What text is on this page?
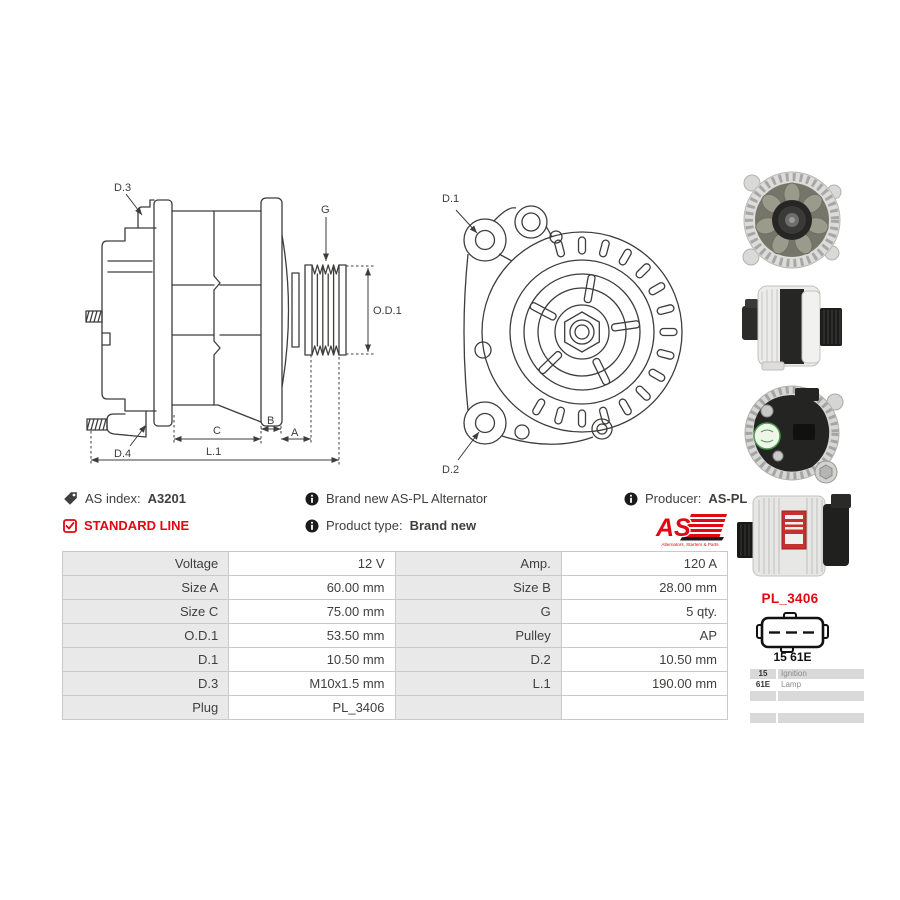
D.3
G
O.D.1
D.4
C
B
A
L.1
D.1
D.2
AS index: A3201
STANDARD LINE
Brand new AS-PL Alternator
Product type: Brand new
Producer: AS-PL
AS
Alternators, Starters & Parts
Voltage	12 V	Amp.	120 A
Size A	60.00 mm	Size B	28.00 mm
Size C	75.00 mm	G	5 qty.
O.D.1	53.50 mm	Pulley	AP
D.1	10.50 mm	D.2	10.50 mm
D.3	M10x1.5 mm	L.1	190.00 mm
Plug	PL_3406		
PL_3406
15 61E
15	Ignition
61E	Lamp
